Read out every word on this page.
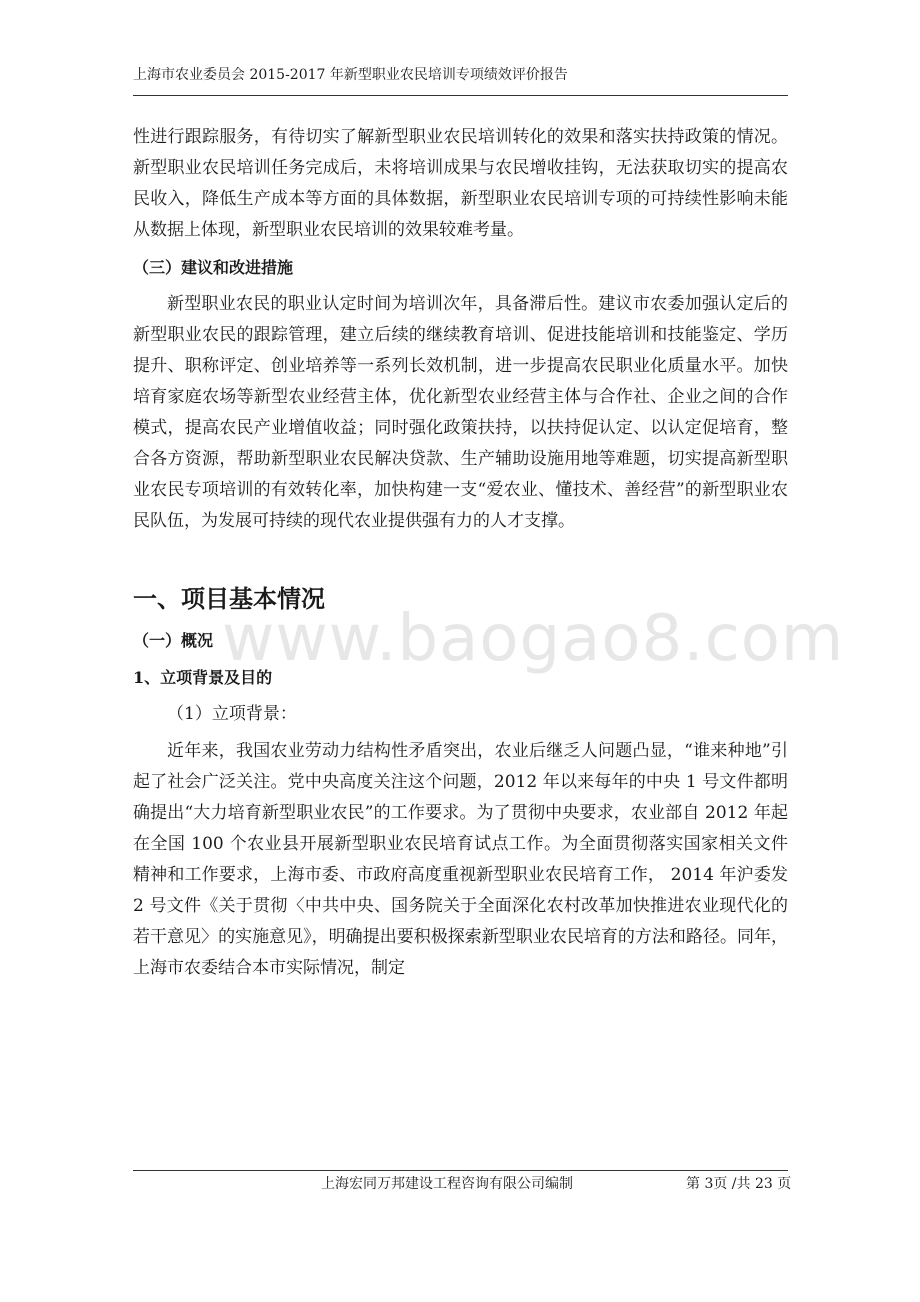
上海市农业委员会 2015-2017 年新型职业农民培训专项绩效评价报告
性进行跟踪服务，有待切实了解新型职业农民培训转化的效果和落实扶持政策的情况。新型职业农民培训任务完成后，未将培训成果与农民增收挂钩，无法获取切实的提高农民收入，降低生产成本等方面的具体数据，新型职业农民培训专项的可持续性影响未能从数据上体现，新型职业农民培训的效果较难考量。
（三）建议和改进措施
新型职业农民的职业认定时间为培训次年，具备滞后性。建议市农委加强认定后的新型职业农民的跟踪管理，建立后续的继续教育培训、促进技能培训和技能鉴定、学历提升、职称评定、创业培养等一系列长效机制，进一步提高农民职业化质量水平。加快培育家庭农场等新型农业经营主体，优化新型农业经营主体与合作社、企业之间的合作模式，提高农民产业增值收益；同时强化政策扶持，以扶持促认定、以认定促培育，整合各方资源，帮助新型职业农民解决贷款、生产辅助设施用地等难题，切实提高新型职业农民专项培训的有效转化率，加快构建一支“爱农业、懂技术、善经营”的新型职业农民队伍，为发展可持续的现代农业提供强有力的人才支撑。
一、项目基本情况
（一）概况
1、立项背景及目的
（1）立项背景：
近年来，我国农业劳动力结构性矛盾突出，农业后继乏人问题凸显，“谁来种地”引起了社会广泛关注。党中央高度关注这个问题，2012 年以来每年的中央 1 号文件都明确提出“大力培育新型职业农民”的工作要求。为了贯彻中央要求，农业部自 2012 年起在全国 100 个农业县开展新型职业农民培育试点工作。为全面贯彻落实国家相关文件精神和工作要求，上海市委、市政府高度重视新型职业农民培育工作， 2014 年沪委发 2 号文件《关于贯彻〈中共中央、国务院关于全面深化农村改革加快推进农业现代化的若干意见〉的实施意见》，明确提出要积极探索新型职业农民培育的方法和路径。同年，上海市农委结合本市实际情况，制定
www.baogao8.com
上海宏同万邦建设工程咨询有限公司编制	第 3页 /共 23 页
